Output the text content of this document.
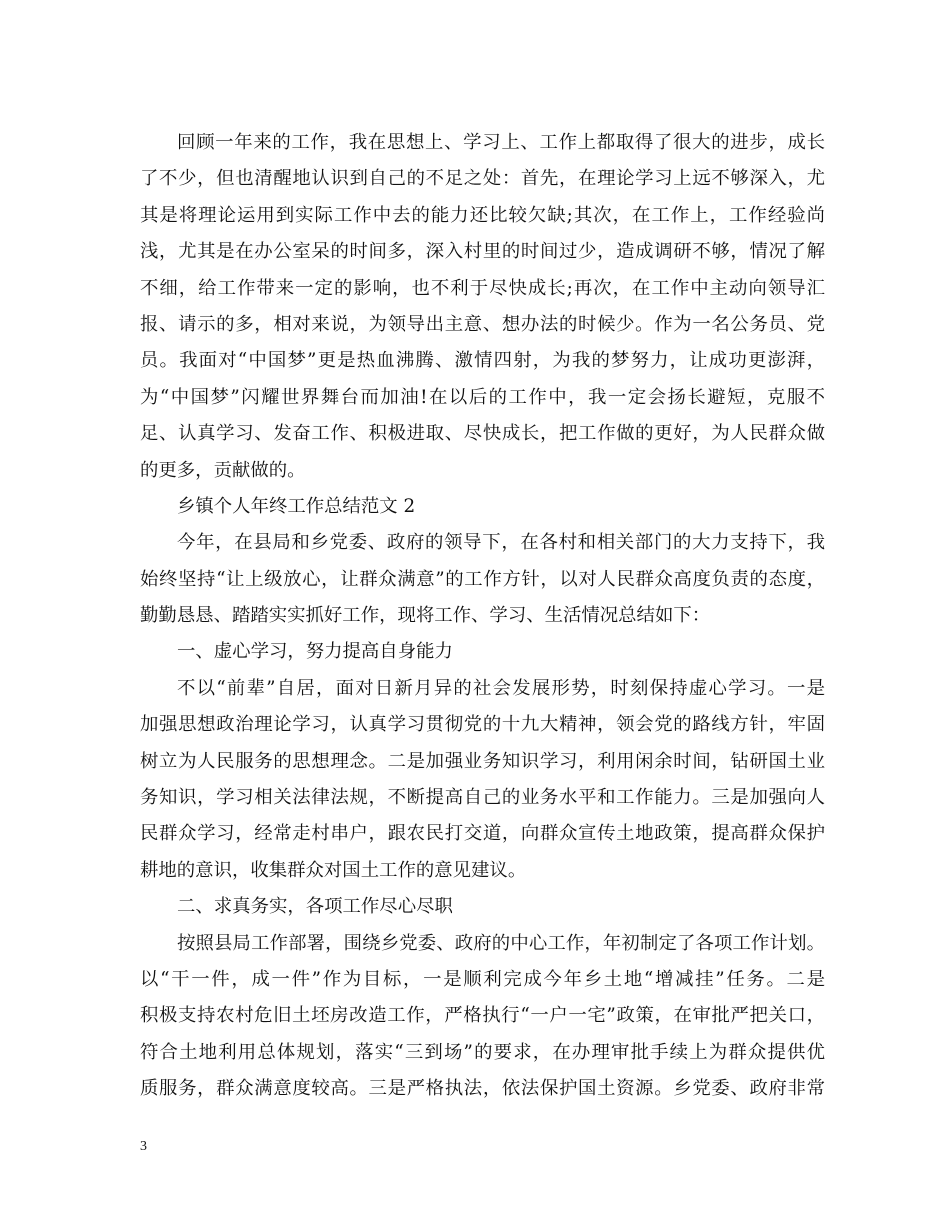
回顾一年来的工作，我在思想上、学习上、工作上都取得了很大的进步，成长
了不少，但也清醒地认识到自己的不足之处：首先，在理论学习上远不够深入，尤
其是将理论运用到实际工作中去的能力还比较欠缺;其次，在工作上，工作经验尚
浅，尤其是在办公室呆的时间多，深入村里的时间过少，造成调研不够，情况了解
不细，给工作带来一定的影响，也不利于尽快成长;再次，在工作中主动向领导汇
报、请示的多，相对来说，为领导出主意、想办法的时候少。作为一名公务员、党
员。我面对“中国梦”更是热血沸腾、激情四射，为我的梦努力，让成功更澎湃，
为“中国梦”闪耀世界舞台而加油!在以后的工作中，我一定会扬长避短，克服不
足、认真学习、发奋工作、积极进取、尽快成长，把工作做的更好，为人民群众做
的更多，贡献做的。
乡镇个人年终工作总结范文 2
今年，在县局和乡党委、政府的领导下，在各村和相关部门的大力支持下，我
始终坚持“让上级放心，让群众满意”的工作方针，以对人民群众高度负责的态度，
勤勤恳恳、踏踏实实抓好工作，现将工作、学习、生活情况总结如下：
一、虚心学习，努力提高自身能力
不以“前辈”自居，面对日新月异的社会发展形势，时刻保持虚心学习。一是
加强思想政治理论学习，认真学习贯彻党的十九大精神，领会党的路线方针，牢固
树立为人民服务的思想理念。二是加强业务知识学习，利用闲余时间，钻研国土业
务知识，学习相关法律法规，不断提高自己的业务水平和工作能力。三是加强向人
民群众学习，经常走村串户，跟农民打交道，向群众宣传土地政策，提高群众保护
耕地的意识，收集群众对国土工作的意见建议。
二、求真务实，各项工作尽心尽职
按照县局工作部署，围绕乡党委、政府的中心工作，年初制定了各项工作计划。
以“干一件，成一件”作为目标，一是顺利完成今年乡土地“增减挂”任务。二是
积极支持农村危旧土坯房改造工作，严格执行“一户一宅”政策，在审批严把关口，
符合土地利用总体规划，落实“三到场”的要求，在办理审批手续上为群众提供优
质服务，群众满意度较高。三是严格执法，依法保护国土资源。乡党委、政府非常
3
